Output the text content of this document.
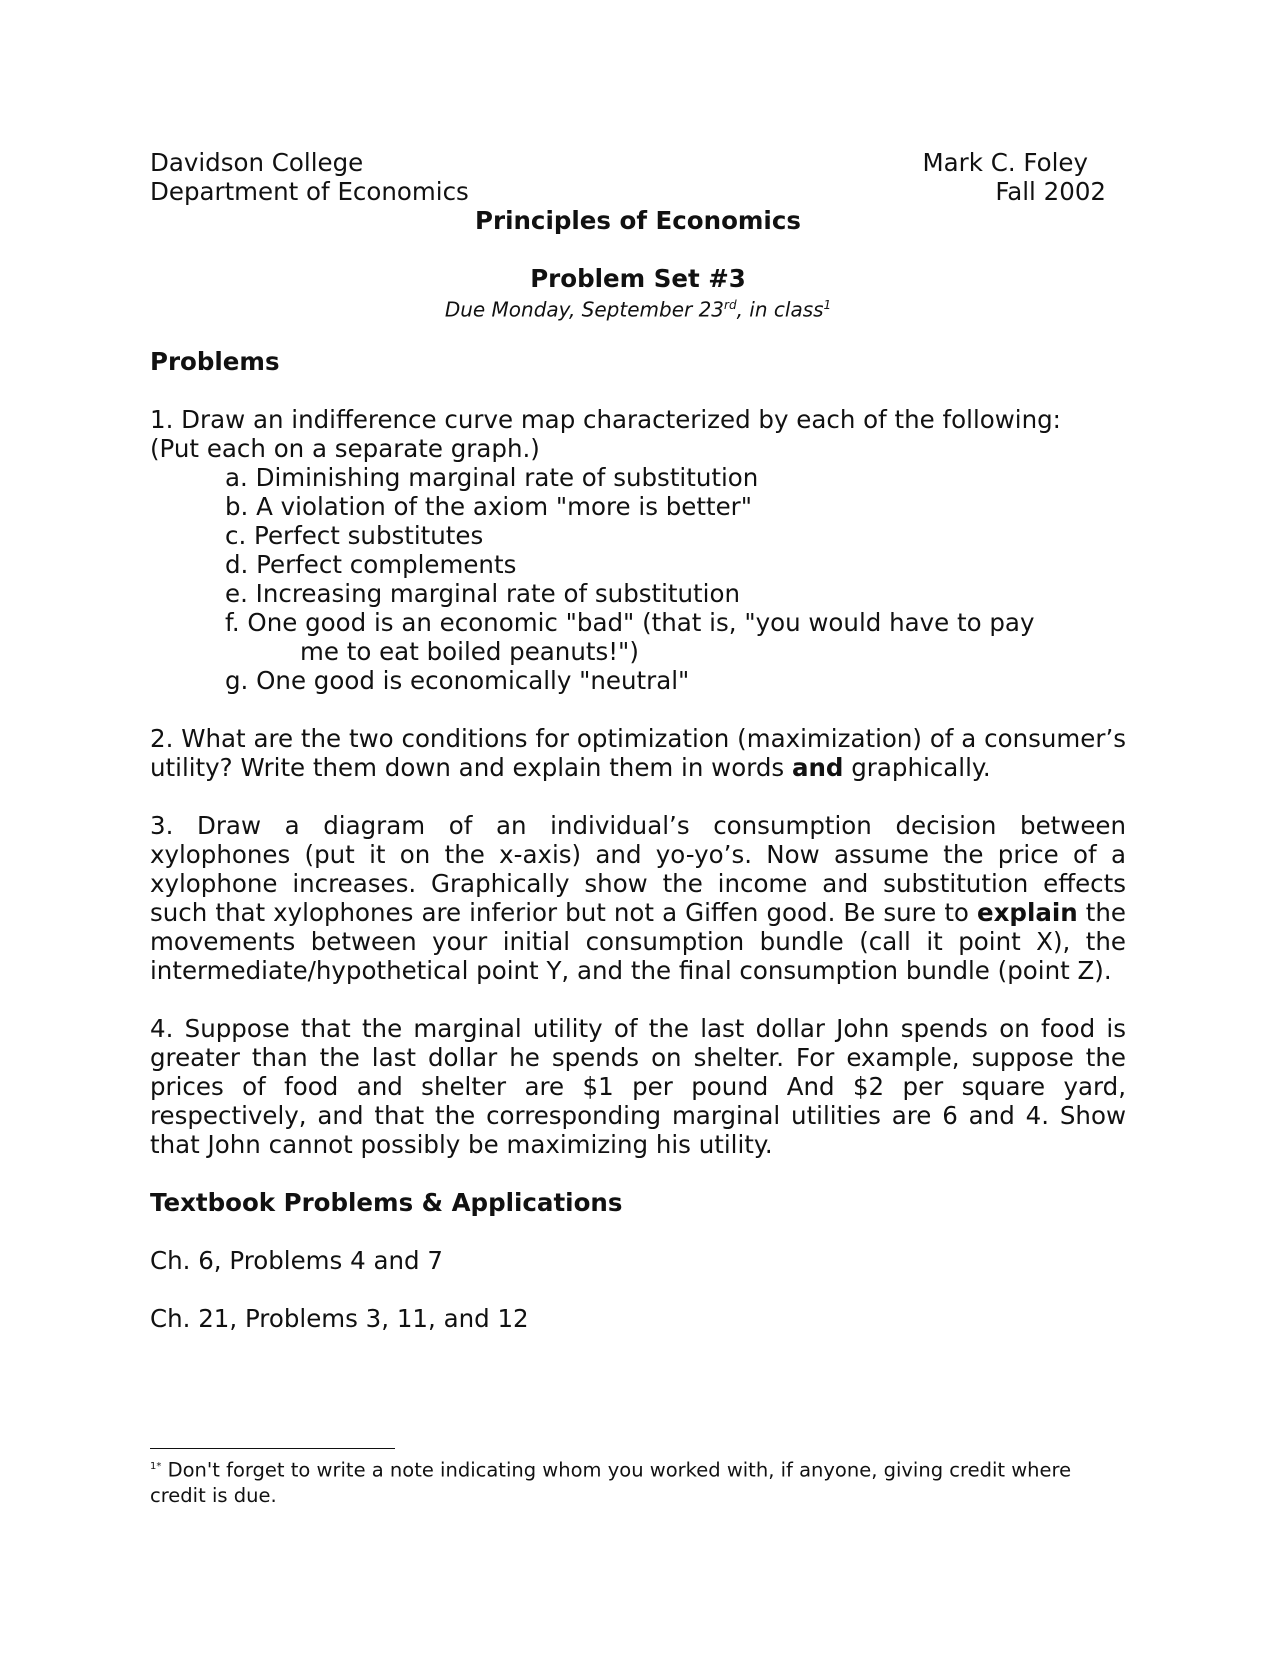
Davidson College	Mark C. Foley
Department of Economics	Fall 2002
Principles of Economics
Problem Set #3
Due Monday, September 23rd, in class$^1$
Problems
1. Draw an indifference curve map characterized by each of the following:
(Put each on a separate graph.)
a. Diminishing marginal rate of substitution
b. A violation of the axiom "more is better"
c. Perfect substitutes
d. Perfect complements
e. Increasing marginal rate of substitution
f. One good is an economic "bad" (that is, "you would have to pay
me to eat boiled peanuts!")
g. One good is economically "neutral"
2. What are the two conditions for optimization (maximization) of a consumer’s utility? Write them down and explain them in words and graphically.
3. Draw a diagram of an individual’s consumption decision between xylophones (put it on the x-axis) and yo-yo’s. Now assume the price of a xylophone increases. Graphically show the income and substitution effects such that xylophones are inferior but not a Giffen good. Be sure to explain the movements between your initial consumption bundle (call it point X), the intermediate/hypothetical point Y, and the final consumption bundle (point Z).
4. Suppose that the marginal utility of the last dollar John spends on food is greater than the last dollar he spends on shelter. For example, suppose the prices of food and shelter are $1 per pound And $2 per square yard, respectively, and that the corresponding marginal utilities are 6 and 4. Show that John cannot possibly be maximizing his utility.
Textbook Problems & Applications
Ch. 6, Problems 4 and 7
Ch. 21, Problems 3, 11, and 12
$^{1*}$ Don't forget to write a note indicating whom you worked with, if anyone, giving credit where credit is due.
